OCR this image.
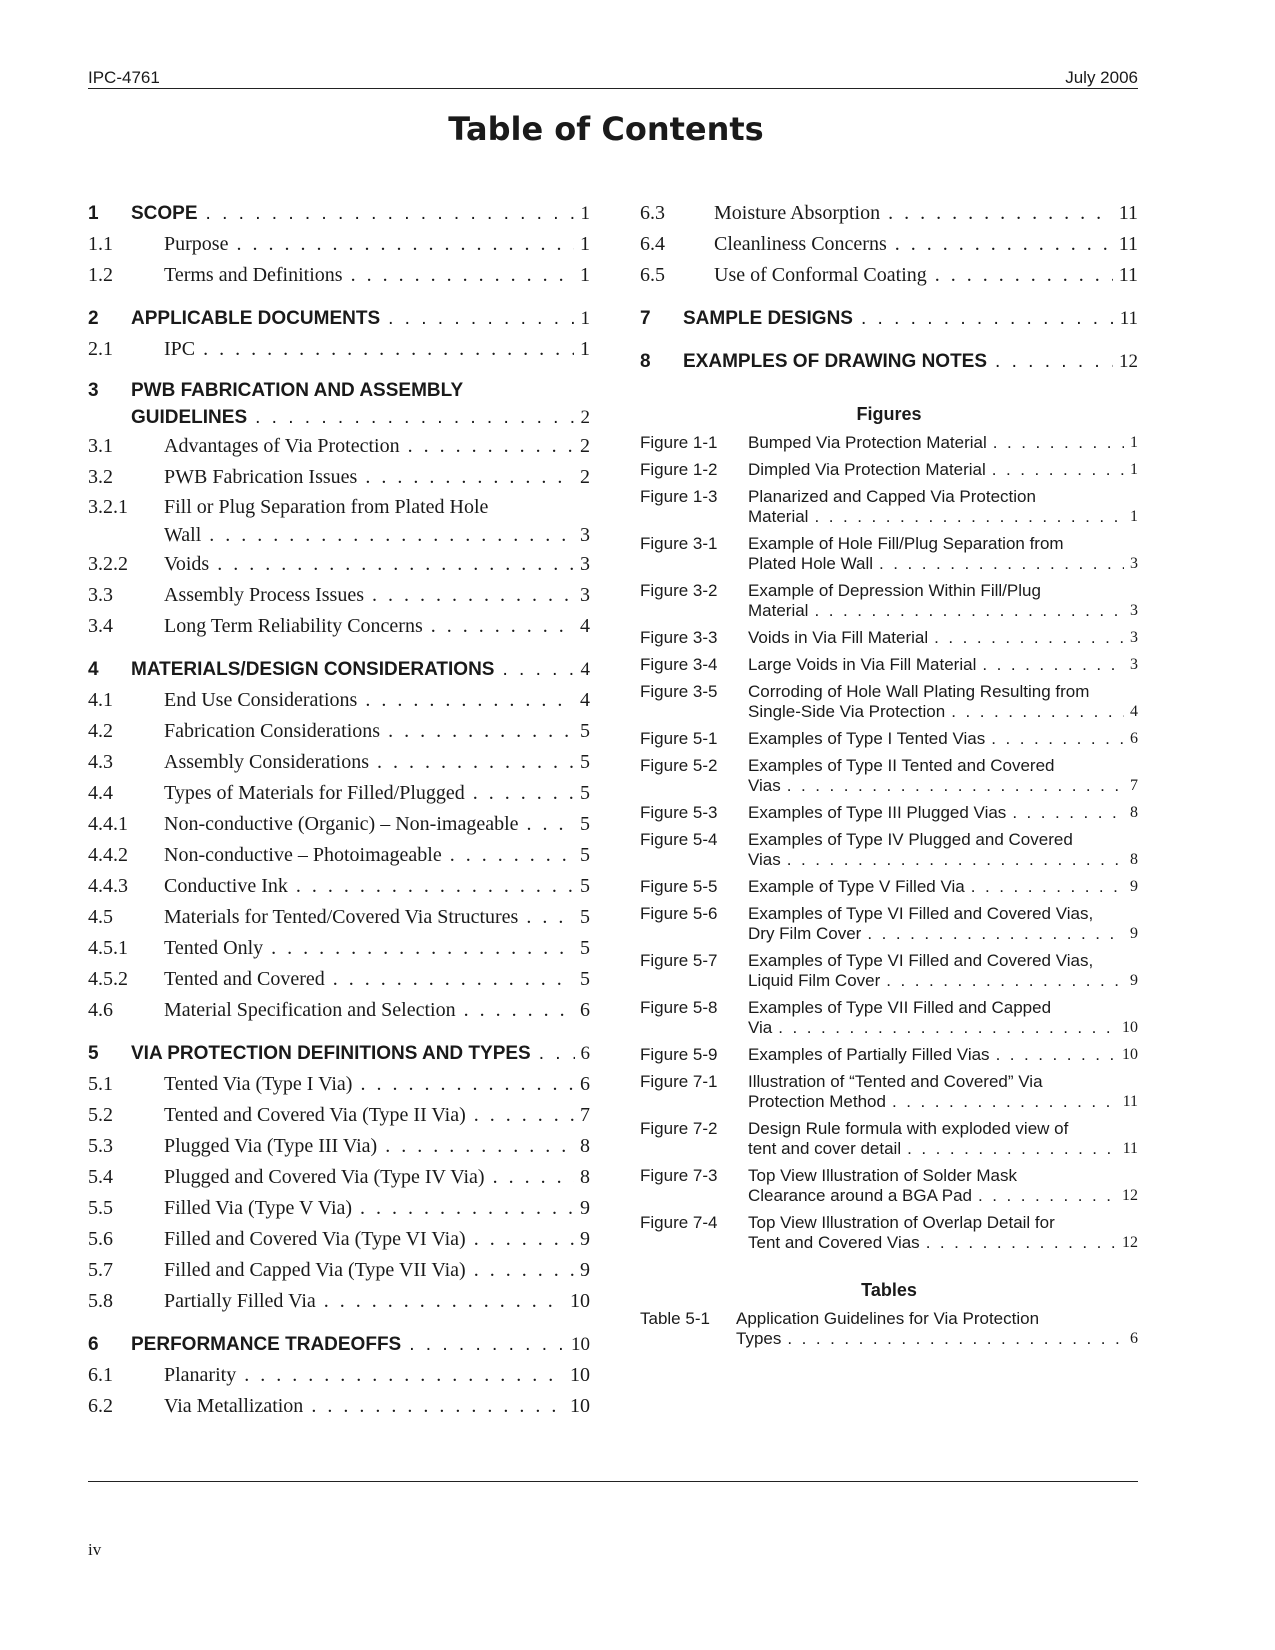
IPC-4761	July 2006
Table of Contents
1 SCOPE . . .	1
1.1	Purpose . . .	1
1.2	Terms and Definitions . . .	1
2 APPLICABLE DOCUMENTS . . .	1
2.1	IPC . . .	1
3 PWB FABRICATION AND ASSEMBLY
GUIDELINES . . .	2
3.1	Advantages of Via Protection . . .	2
3.2	PWB Fabrication Issues . . .	2
3.2.1 Fill or Plug Separation from Plated Hole
Wall . . .	3
3.2.2 Voids . . .	3
3.3	Assembly Process Issues . . .	3
3.4	Long Term Reliability Concerns . . .	4
4 MATERIALS/DESIGN CONSIDERATIONS . . .	4
4.1	End Use Considerations . . .	4
4.2	Fabrication Considerations . . .	5
4.3	Assembly Considerations . . .	5
4.4	Types of Materials for Filled/Plugged . . .	5
4.4.1 Non-conductive (Organic) – Non-imageable . . .	5
4.4.2 Non-conductive – Photoimageable . . .	5
4.4.3 Conductive Ink . . .	5
4.5	Materials for Tented/Covered Via Structures . . .	5
4.5.1 Tented Only . . .	5
4.5.2 Tented and Covered . . .	5
4.6	Material Specification and Selection . . .	6
5 VIA PROTECTION DEFINITIONS AND TYPES . . .	6
5.1	Tented Via (Type I Via) . . .	6
5.2	Tented and Covered Via (Type II Via) . . .	7
5.3	Plugged Via (Type III Via) . . .	8
5.4	Plugged and Covered Via (Type IV Via) . . .	8
5.5	Filled Via (Type V Via) . . .	9
5.6	Filled and Covered Via (Type VI Via) . . .	9
5.7	Filled and Capped Via (Type VII Via) . . .	9
5.8	Partially Filled Via . . .	10
6 PERFORMANCE TRADEOFFS . . .	10
6.1	Planarity . . .	10
6.2	Via Metallization . . .	10
6.3 Moisture Absorption . . .	11
6.4 Cleanliness Concerns . . .	11
6.5 Use of Conformal Coating . . .	11
7 SAMPLE DESIGNS . . .	11
8 EXAMPLES OF DRAWING NOTES . . .	12
Figures
Figure 1-1 Bumped Via Protection Material . . .	1
Figure 1-2 Dimpled Via Protection Material . . .	1
Figure 1-3 Planarized and Capped Via Protection
Material . . .	1
Figure 3-1 Example of Hole Fill/Plug Separation from
Plated Hole Wall . . .	3
Figure 3-2 Example of Depression Within Fill/Plug
Material . . .	3
Figure 3-3 Voids in Via Fill Material . . .	3
Figure 3-4 Large Voids in Via Fill Material . . .	3
Figure 3-5 Corroding of Hole Wall Plating Resulting from
Single-Side Via Protection . . .	4
Figure 5-1 Examples of Type I Tented Vias . . .	6
Figure 5-2 Examples of Type II Tented and Covered
Vias . . .	7
Figure 5-3 Examples of Type III Plugged Vias . . .	8
Figure 5-4 Examples of Type IV Plugged and Covered
Vias . . .	8
Figure 5-5 Example of Type V Filled Via . . .	9
Figure 5-6 Examples of Type VI Filled and Covered Vias,
Dry Film Cover . . .	9
Figure 5-7 Examples of Type VI Filled and Covered Vias,
Liquid Film Cover . . .	9
Figure 5-8 Examples of Type VII Filled and Capped
Via . . .	10
Figure 5-9 Examples of Partially Filled Vias . . .	10
Figure 7-1 Illustration of “Tented and Covered” Via
Protection Method . . .	11
Figure 7-2 Design Rule formula with exploded view of
tent and cover detail . . .	11
Figure 7-3 Top View Illustration of Solder Mask
Clearance around a BGA Pad . . .	12
Figure 7-4 Top View Illustration of Overlap Detail for
Tent and Covered Vias . . .	12
Tables
Table 5-1 Application Guidelines for Via Protection
Types . . .	6
iv
